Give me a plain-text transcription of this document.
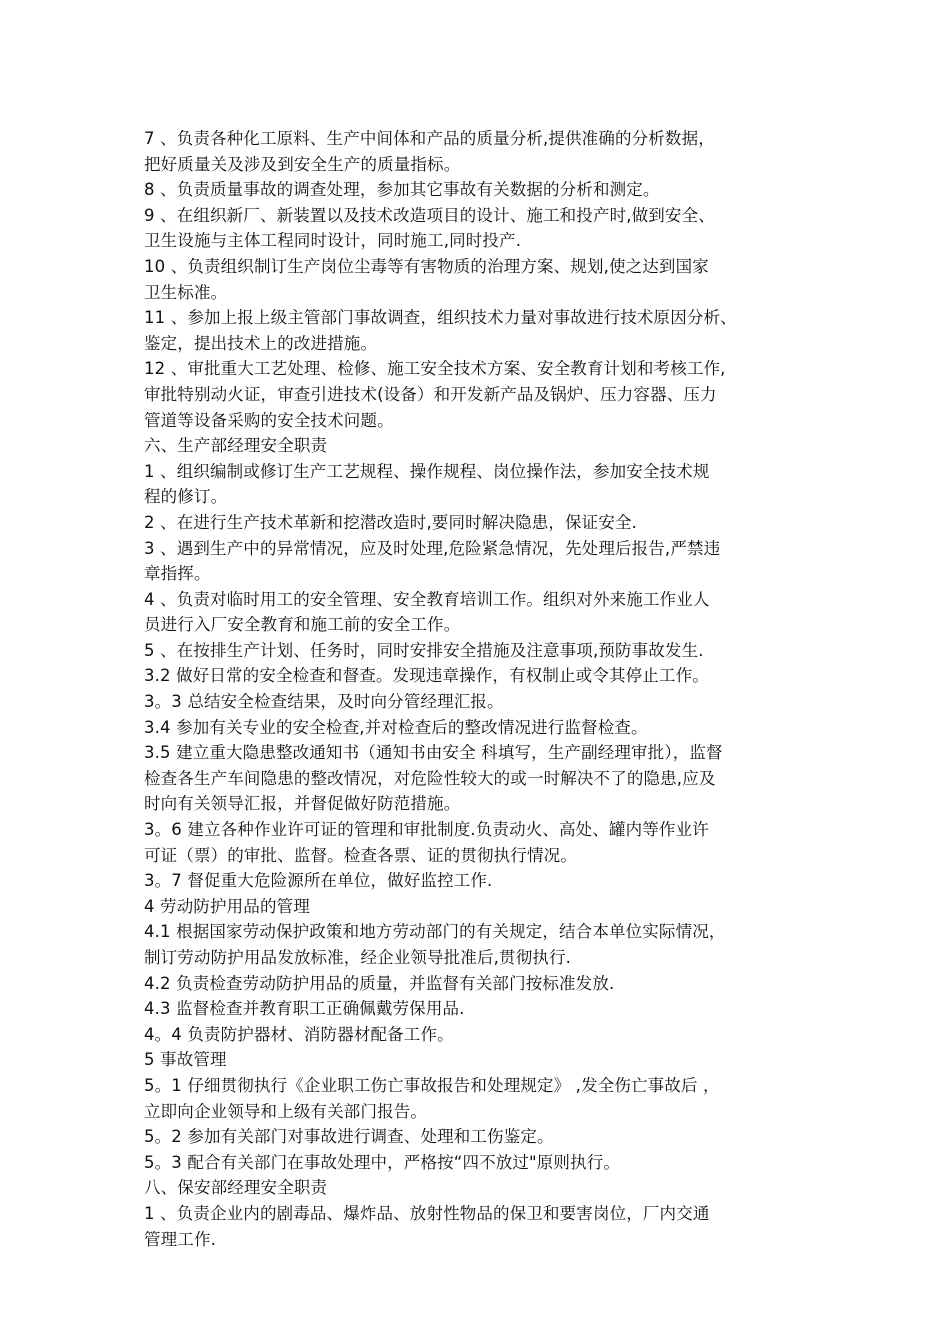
7 、负责各种化工原料、生产中间体和产品的质量分析,提供准确的分析数据，
把好质量关及涉及到安全生产的质量指标。
8 、负责质量事故的调查处理，参加其它事故有关数据的分析和测定。
9 、在组织新厂、新装置以及技术改造项目的设计、施工和投产时,做到安全、
卫生设施与主体工程同时设计，同时施工,同时投产.
10 、负责组织制订生产岗位尘毒等有害物质的治理方案、规划,使之达到国家
卫生标准。
11 、参加上报上级主管部门事故调查，组织技术力量对事故进行技术原因分析、
鉴定，提出技术上的改进措施。
12 、审批重大工艺处理、检修、施工安全技术方案、安全教育计划和考核工作,
审批特别动火证，审查引进技术(设备）和开发新产品及锅炉、压力容器、压力
管道等设备采购的安全技术问题。
六、生产部经理安全职责
1 、组织编制或修订生产工艺规程、操作规程、岗位操作法，参加安全技术规
程的修订。
2 、在进行生产技术革新和挖潜改造时,要同时解决隐患，保证安全.
3 、遇到生产中的异常情况，应及时处理,危险紧急情况，先处理后报告,严禁违
章指挥。
4 、负责对临时用工的安全管理、安全教育培训工作。组织对外来施工作业人
员进行入厂安全教育和施工前的安全工作。
5 、在按排生产计划、任务时，同时安排安全措施及注意事项,预防事故发生.
3.2 做好日常的安全检查和督查。发现违章操作，有权制止或令其停止工作。
3。3 总结安全检查结果，及时向分管经理汇报。
3.4 参加有关专业的安全检查,并对检查后的整改情况进行监督检查。
3.5 建立重大隐患整改通知书（通知书由安全 科填写，生产副经理审批），监督
检查各生产车间隐患的整改情况，对危险性较大的或一时解决不了的隐患,应及
时向有关领导汇报，并督促做好防范措施。
3。6 建立各种作业许可证的管理和审批制度.负责动火、高处、罐内等作业许
可证（票）的审批、监督。检查各票、证的贯彻执行情况。
3。7 督促重大危险源所在单位，做好监控工作.
4 劳动防护用品的管理
4.1 根据国家劳动保护政策和地方劳动部门的有关规定，结合本单位实际情况，
制订劳动防护用品发放标准，经企业领导批准后,贯彻执行.
4.2 负责检查劳动防护用品的质量，并监督有关部门按标准发放.
4.3 监督检查并教育职工正确佩戴劳保用品.
4。4 负责防护器材、消防器材配备工作。
5 事故管理
5。1 仔细贯彻执行《企业职工伤亡事故报告和处理规定》 ,发全伤亡事故后 ，
立即向企业领导和上级有关部门报告。
5。2 参加有关部门对事故进行调查、处理和工伤鉴定。
5。3 配合有关部门在事故处理中，严格按“四不放过"原则执行。
八、保安部经理安全职责
1 、负责企业内的剧毒品、爆炸品、放射性物品的保卫和要害岗位，厂内交通
管理工作.
